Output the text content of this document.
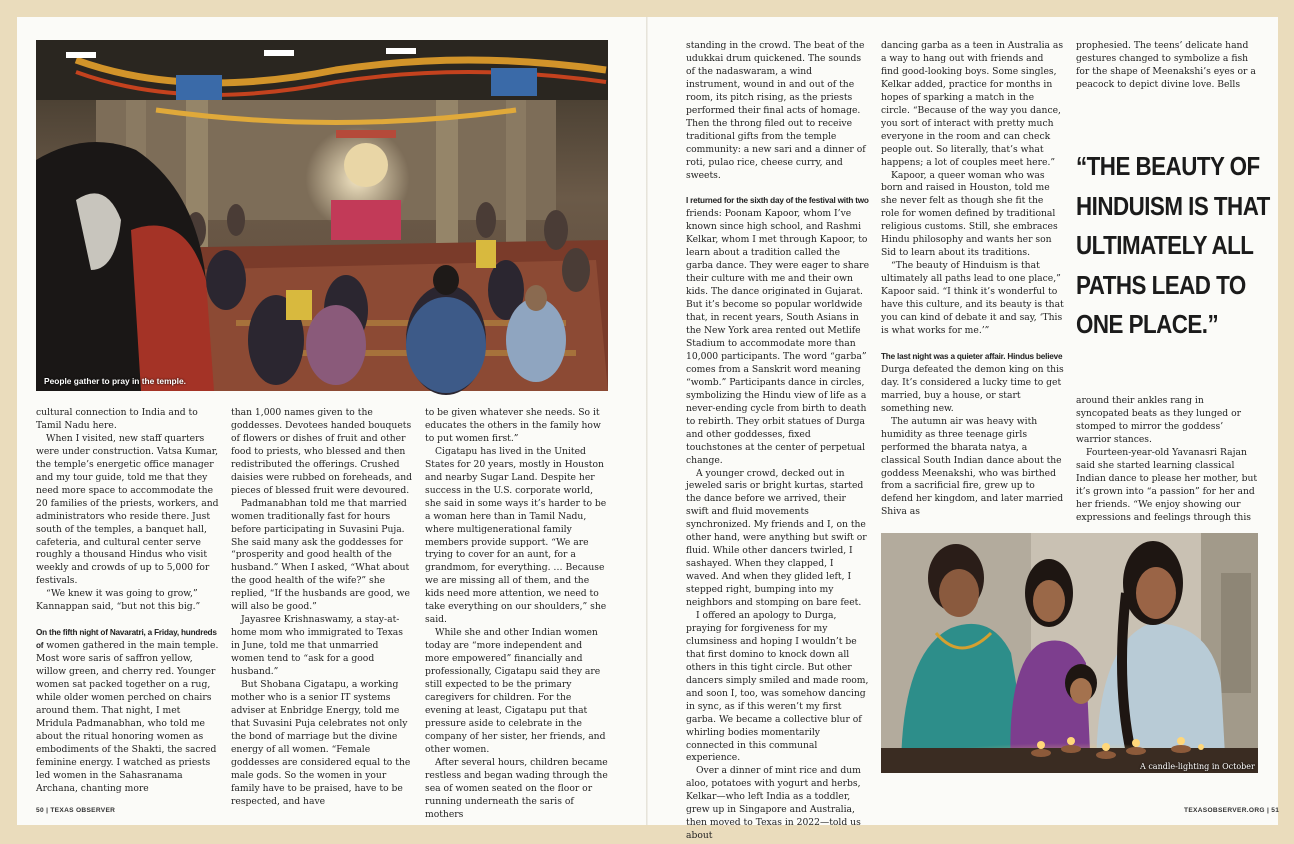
People gather to pray in the temple.

cultural connection to India and to Tamil Nadu here.

When I visited, new staff quarters were under construction. Vatsa Kumar, the temple’s energetic office manager and my tour guide, told me that they need more space to accommodate the 20 families of the priests, workers, and administrators who reside there. Just south of the temples, a banquet hall, cafeteria, and cultural center serve roughly a thousand Hindus who visit weekly and crowds of up to 5,000 for festivals.

“We knew it was going to grow,” Kannappan said, “but not this big.”

On the fifth night of Navaratri, a Friday, hundreds of women gathered in the main temple. Most wore saris of saffron yellow, willow green, and cherry red. Younger women sat packed together on a rug, while older women perched on chairs around them. That night, I met Mridula Padmanabhan, who told me about the ritual honoring women as embodiments of the Shakti, the sacred feminine energy. I watched as priests led women in the Sahasranama Archana, chanting more

than 1,000 names given to the goddesses. Devotees handed bouquets of flowers or dishes of fruit and other food to priests, who blessed and then redistributed the offerings. Crushed daisies were rubbed on foreheads, and pieces of blessed fruit were devoured.

Padmanabhan told me that married women traditionally fast for hours before participating in Suvasini Puja. She said many ask the goddesses for “prosperity and good health of the husband.” When I asked, “What about the good health of the wife?” she replied, “If the husbands are good, we will also be good.”

Jayasree Krishnaswamy, a stay-at-home mom who immigrated to Texas in June, told me that unmarried women tend to “ask for a good husband.”

But Shobana Cigatapu, a working mother who is a senior IT systems adviser at Enbridge Energy, told me that Suvasini Puja celebrates not only the bond of marriage but the divine energy of all women. “Female goddesses are considered equal to the male gods. So the women in your family have to be praised, have to be respected, and have

to be given whatever she needs. So it educates the others in the family how to put women first.”

Cigatapu has lived in the United States for 20 years, mostly in Houston and nearby Sugar Land. Despite her success in the U.S. corporate world, she said in some ways it’s harder to be a woman here than in Tamil Nadu, where multigenerational family members provide support. “We are trying to cover for an aunt, for a grandmom, for everything. … Because we are missing all of them, and the kids need more attention, we need to take everything on our shoulders,” she said.

While she and other Indian women today are “more independent and more empowered” financially and professionally, Cigatapu said they are still expected to be the primary caregivers for children. For the evening at least, Cigatapu put that pressure aside to celebrate in the company of her sister, her friends, and other women.

After several hours, children became restless and began wading through the sea of women seated on the floor or running underneath the saris of mothers

50 | TEXAS OBSERVER

standing in the crowd. The beat of the udukkai drum quickened. The sounds of the nadaswaram, a wind instrument, wound in and out of the room, its pitch rising, as the priests performed their final acts of homage. Then the throng filed out to receive traditional gifts from the temple community: a new sari and a dinner of roti, pulao rice, cheese curry, and sweets.

I returned for the sixth day of the festival with two friends: Poonam Kapoor, whom I’ve known since high school, and Rashmi Kelkar, whom I met through Kapoor, to learn about a tradition called the garba dance. They were eager to share their culture with me and their own kids. The dance originated in Gujarat. But it’s become so popular worldwide that, in recent years, South Asians in the New York area rented out Metlife Stadium to accommodate more than 10,000 participants. The word “garba” comes from a Sanskrit word meaning “womb.” Participants dance in circles, symbolizing the Hindu view of life as a never-ending cycle from birth to death to rebirth. They orbit statues of Durga and other goddesses, fixed touchstones at the center of perpetual change.

A younger crowd, decked out in jeweled saris or bright kurtas, started the dance before we arrived, their swift and fluid movements synchronized. My friends and I, on the other hand, were anything but swift or fluid. While other dancers twirled, I sashayed. When they clapped, I waved. And when they glided left, I stepped right, bumping into my neighbors and stomping on bare feet.

I offered an apology to Durga, praying for forgiveness for my clumsiness and hoping I wouldn’t be that first domino to knock down all others in this tight circle. But other dancers simply smiled and made room, and soon I, too, was somehow dancing in sync, as if this weren’t my first garba. We became a collective blur of whirling bodies momentarily connected in this communal experience.

Over a dinner of mint rice and dum aloo, potatoes with yogurt and herbs, Kelkar—who left India as a toddler, grew up in Singapore and Australia, then moved to Texas in 2022—told us about

dancing garba as a teen in Australia as a way to hang out with friends and find good-looking boys. Some singles, Kelkar added, practice for months in hopes of sparking a match in the circle. “Because of the way you dance, you sort of interact with pretty much everyone in the room and can check people out. So literally, that’s what happens; a lot of couples meet here.”

Kapoor, a queer woman who was born and raised in Houston, told me she never felt as though she fit the role for women defined by traditional religious customs. Still, she embraces Hindu philosophy and wants her son Sid to learn about its traditions.

“The beauty of Hinduism is that ultimately all paths lead to one place,” Kapoor said. “I think it’s wonderful to have this culture, and its beauty is that you can kind of debate it and say, ‘This is what works for me.’”

The last night was a quieter affair. Hindus believe Durga defeated the demon king on this day. It’s considered a lucky time to get married, buy a house, or start something new.

The autumn air was heavy with humidity as three teenage girls performed the bharata natya, a classical South Indian dance about the goddess Meenakshi, who was birthed from a sacrificial fire, grew up to defend her kingdom, and later married Shiva as

prophesied. The teens’ delicate hand gestures changed to symbolize a fish for the shape of Meenakshi’s eyes or a peacock to depict divine love. Bells

“THE BEAUTY OF HINDUISM IS THAT ULTIMATELY ALL PATHS LEAD TO ONE PLACE.”

around their ankles rang in syncopated beats as they lunged or stomped to mirror the goddess’ warrior stances.

Fourteen-year-old Yavanasri Rajan said she started learning classical Indian dance to please her mother, but it’s grown into “a passion” for her and her friends. “We enjoy showing our expressions and feelings through this

A candle-lighting in October
TEXASOBSERVER.ORG | 51
